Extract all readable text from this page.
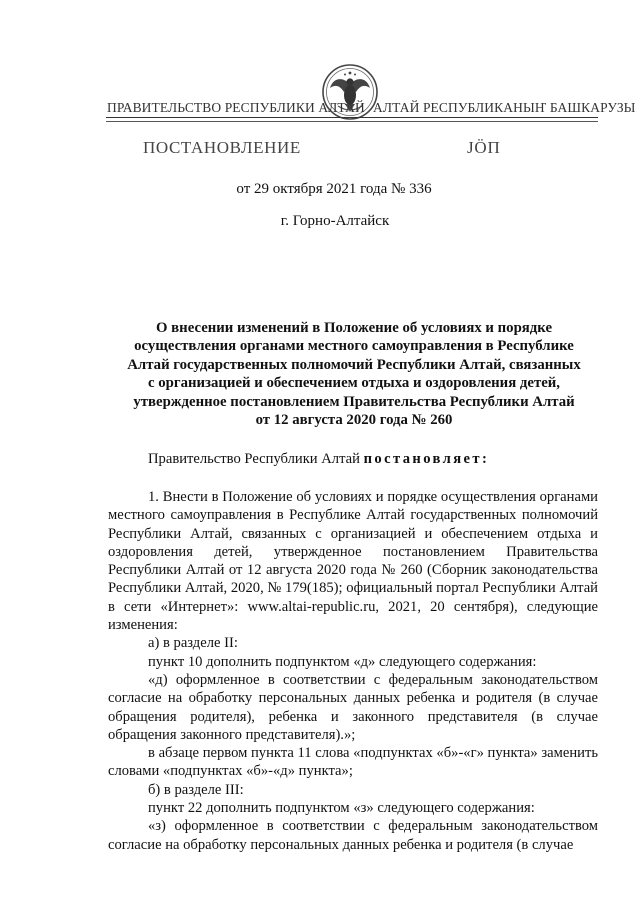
ПРАВИТЕЛЬСТВО РЕСПУБЛИКИ АЛТАЙ АЛТАЙ РЕСПУБЛИКАНЫҤ БАШКАРУЗЫ
ПОСТАНОВЛЕНИЕ	ЈӦП
от 29 октября 2021 года № 336
г. Горно-Алтайск
О внесении изменений в Положение об условиях и порядке
осуществления органами местного самоуправления в Республике
Алтай государственных полномочий Республики Алтай, связанных
с организацией и обеспечением отдыха и оздоровления детей,
утвержденное постановлением Правительства Республики Алтай
от 12 августа 2020 года № 260
Правительство Республики Алтай постановляет:

1. Внести в Положение об условиях и порядке осуществления органами местного самоуправления в Республике Алтай государственных полномочий Республики Алтай, связанных с организацией и обеспечением отдыха и оздоровления детей, утвержденное постановлением Правительства Республики Алтай от 12 августа 2020 года № 260 (Сборник законодательства Республики Алтай, 2020, № 179(185); официальный портал Республики Алтай в сети «Интернет»: www.altai-republic.ru, 2021, 20 сентября), следующие изменения:

а) в разделе II:

пункт 10 дополнить подпунктом «д» следующего содержания:

«д) оформленное в соответствии с федеральным законодательством согласие на обработку персональных данных ребенка и родителя (в случае обращения родителя), ребенка и законного представителя (в случае обращения законного представителя).»;

в абзаце первом пункта 11 слова «подпунктах «б»-«г» пункта» заменить словами «подпунктах «б»-«д» пункта»;

б) в разделе III:

пункт 22 дополнить подпунктом «з» следующего содержания:

«з) оформленное в соответствии с федеральным законодательством согласие на обработку персональных данных ребенка и родителя (в случае
